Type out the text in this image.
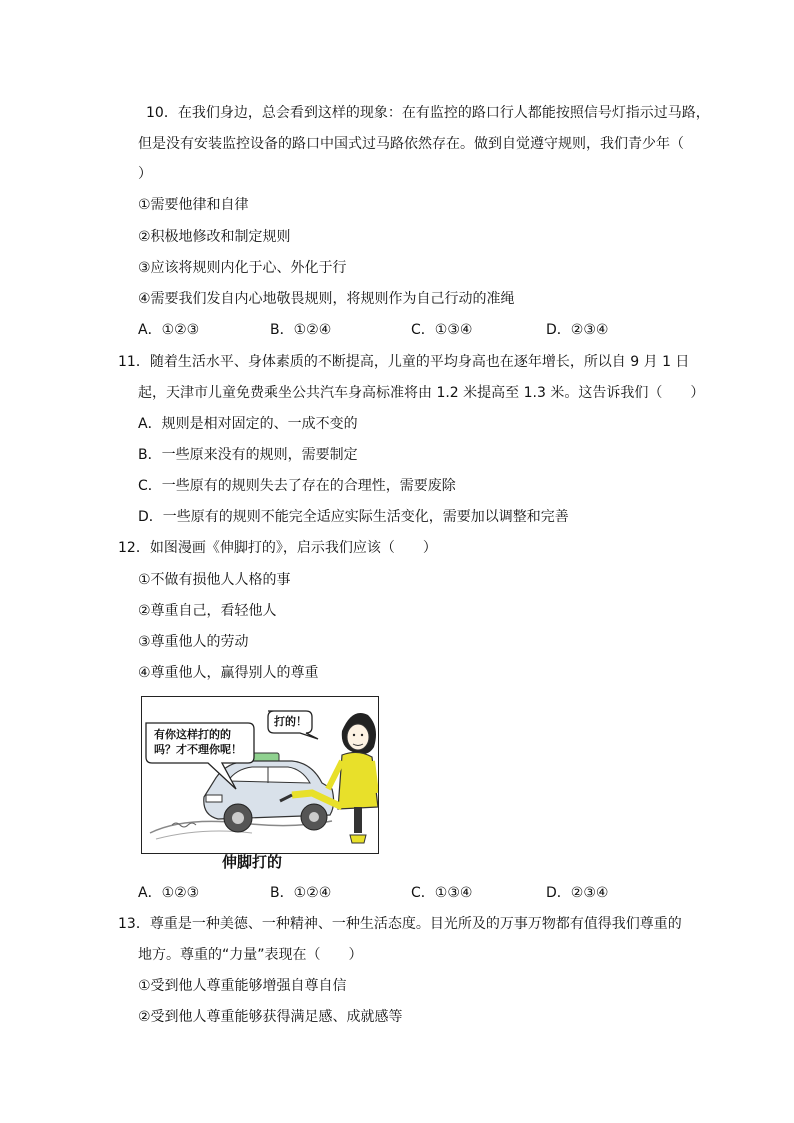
10．在我们身边，总会看到这样的现象：在有监控的路口行人都能按照信号灯指示过马路，
但是没有安装监控设备的路口中国式过马路依然存在。做到自觉遵守规则，我们青少年（
）
①需要他律和自律
②积极地修改和制定规则
③应该将规则内化于心、外化于行
④需要我们发自内心地敬畏规则，将规则作为自己行动的准绳
A．①②③	B．①②④	C．①③④	D．②③④
11．随着生活水平、身体素质的不断提高，儿童的平均身高也在逐年增长，所以自 9 月 1 日
起，天津市儿童免费乘坐公共汽车身高标准将由 1.2 米提高至 1.3 米。这告诉我们（　　）
A．规则是相对固定的、一成不变的
B．一些原来没有的规则，需要制定
C．一些原有的规则失去了存在的合理性，需要废除
D．一些原有的规则不能完全适应实际生活变化，需要加以调整和完善
12．如图漫画《伸脚打的》，启示我们应该（　　）
①不做有损他人人格的事
②尊重自己，看轻他人
③尊重他人的劳动
④尊重他人，赢得别人的尊重
有你这样打的的
吗？才不理你呢！
打的！
伸脚打的
A．①②③	B．①②④	C．①③④	D．②③④
13．尊重是一种美德、一种精神、一种生活态度。目光所及的万事万物都有值得我们尊重的
地方。尊重的“力量”表现在（　　）
①受到他人尊重能够增强自尊自信
②受到他人尊重能够获得满足感、成就感等
